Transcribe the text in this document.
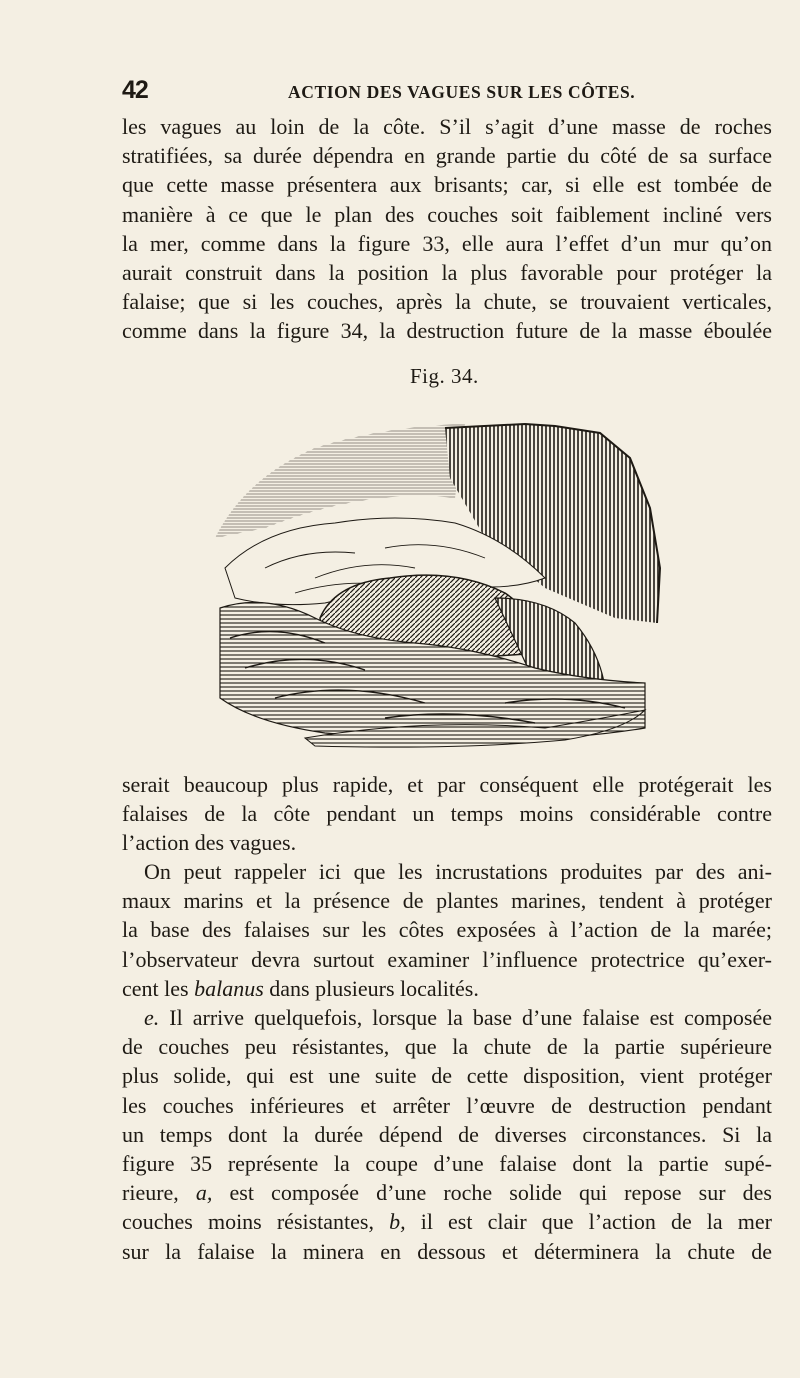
42	ACTION DES VAGUES SUR LES CÔTES.

les vagues au loin de la côte. S’il s’agit d’une masse de roches
stratifiées, sa durée dépendra en grande partie du côté de sa surface
que cette masse présentera aux brisants; car, si elle est tombée de
manière à ce que le plan des couches soit faiblement incliné vers
la mer, comme dans la figure 33, elle aura l’effet d’un mur qu’on
aurait construit dans la position la plus favorable pour protéger la
falaise; que si les couches, après la chute, se trouvaient verticales,
comme dans la figure 34, la destruction future de la masse éboulée

Fig. 34.

serait beaucoup plus rapide, et par conséquent elle protégerait les
falaises de la côte pendant un temps moins considérable contre
l’action des vagues.

On peut rappeler ici que les incrustations produites par des ani-
maux marins et la présence de plantes marines, tendent à protéger
la base des falaises sur les côtes exposées à l’action de la marée;
l’observateur devra surtout examiner l’influence protectrice qu’exer-
cent les balanus dans plusieurs localités.

e. Il arrive quelquefois, lorsque la base d’une falaise est composée
de couches peu résistantes, que la chute de la partie supérieure
plus solide, qui est une suite de cette disposition, vient protéger
les couches inférieures et arrêter l’œuvre de destruction pendant
un temps dont la durée dépend de diverses circonstances. Si la
figure 35 représente la coupe d’une falaise dont la partie supé-
rieure, a, est composée d’une roche solide qui repose sur des
couches moins résistantes, b, il est clair que l’action de la mer
sur la falaise la minera en dessous et déterminera la chute de
